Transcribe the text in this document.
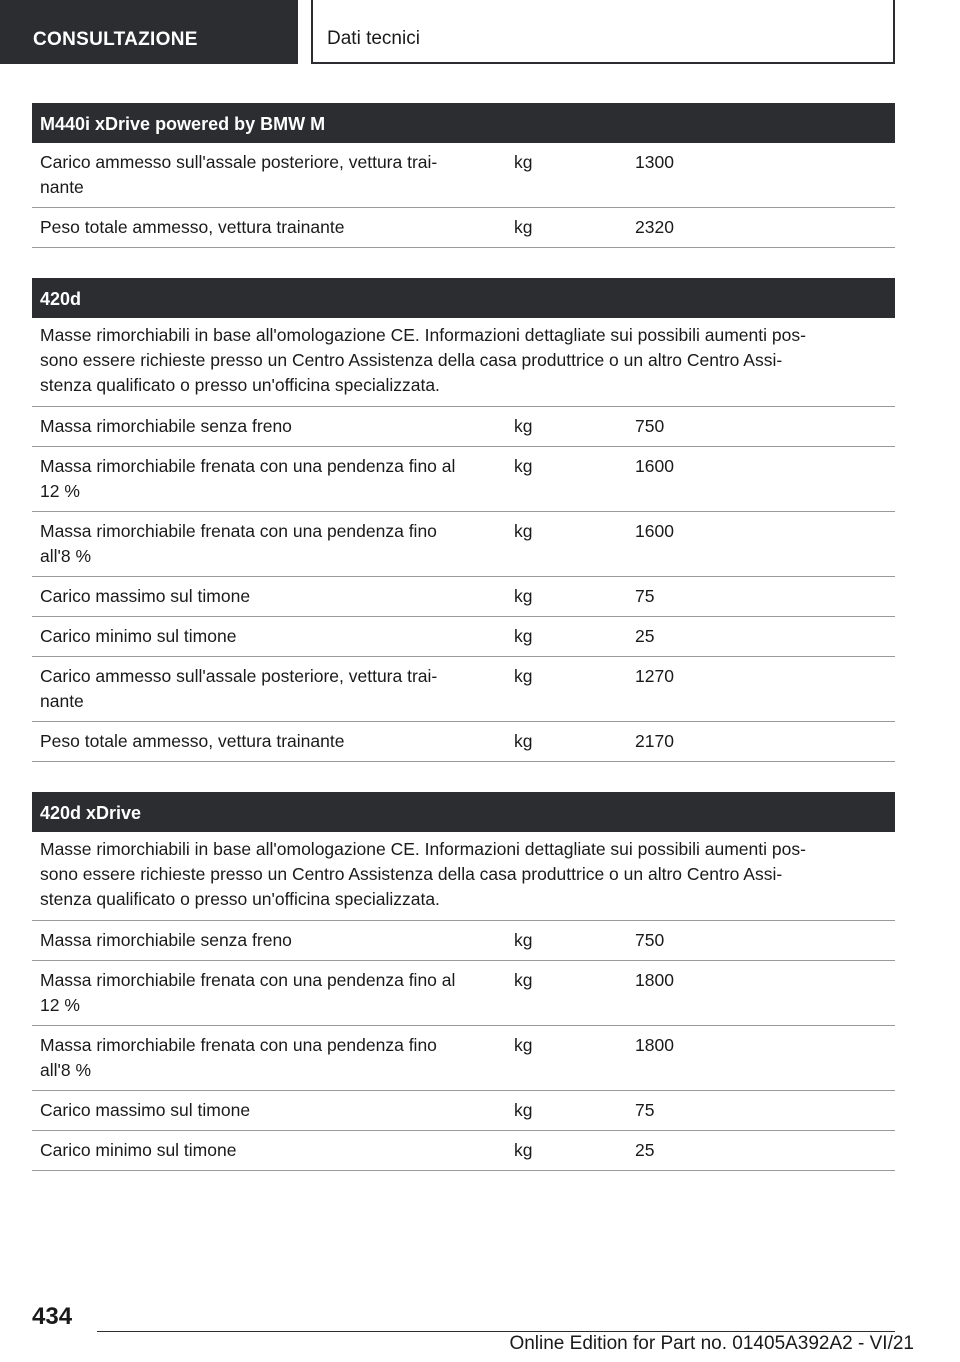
CONSULTAZIONE	Dati tecnici
M440i xDrive powered by BMW M
Carico ammesso sull'assale posteriore, vettura trai-
nante
kg	1300
Peso totale ammesso, vettura trainante	kg	2320
420d
Masse rimorchiabili in base all'omologazione CE. Informazioni dettagliate sui possibili aumenti pos-
sono essere richieste presso un Centro Assistenza della casa produttrice o un altro Centro Assi-
stenza qualificato o presso un'officina specializzata.
Massa rimorchiabile senza freno	kg	750
Massa rimorchiabile frenata con una pendenza fino al
12 %
kg	1600
Massa rimorchiabile frenata con una pendenza fino
all'8 %
kg	1600
Carico massimo sul timone	kg	75
Carico minimo sul timone	kg	25
Carico ammesso sull'assale posteriore, vettura trai-
nante
kg	1270
Peso totale ammesso, vettura trainante	kg	2170
420d xDrive
Masse rimorchiabili in base all'omologazione CE. Informazioni dettagliate sui possibili aumenti pos-
sono essere richieste presso un Centro Assistenza della casa produttrice o un altro Centro Assi-
stenza qualificato o presso un'officina specializzata.
Massa rimorchiabile senza freno	kg	750
Massa rimorchiabile frenata con una pendenza fino al
12 %
kg	1800
Massa rimorchiabile frenata con una pendenza fino
all'8 %
kg	1800
Carico massimo sul timone	kg	75
Carico minimo sul timone	kg	25
434
Online Edition for Part no. 01405A392A2 - VI/21
